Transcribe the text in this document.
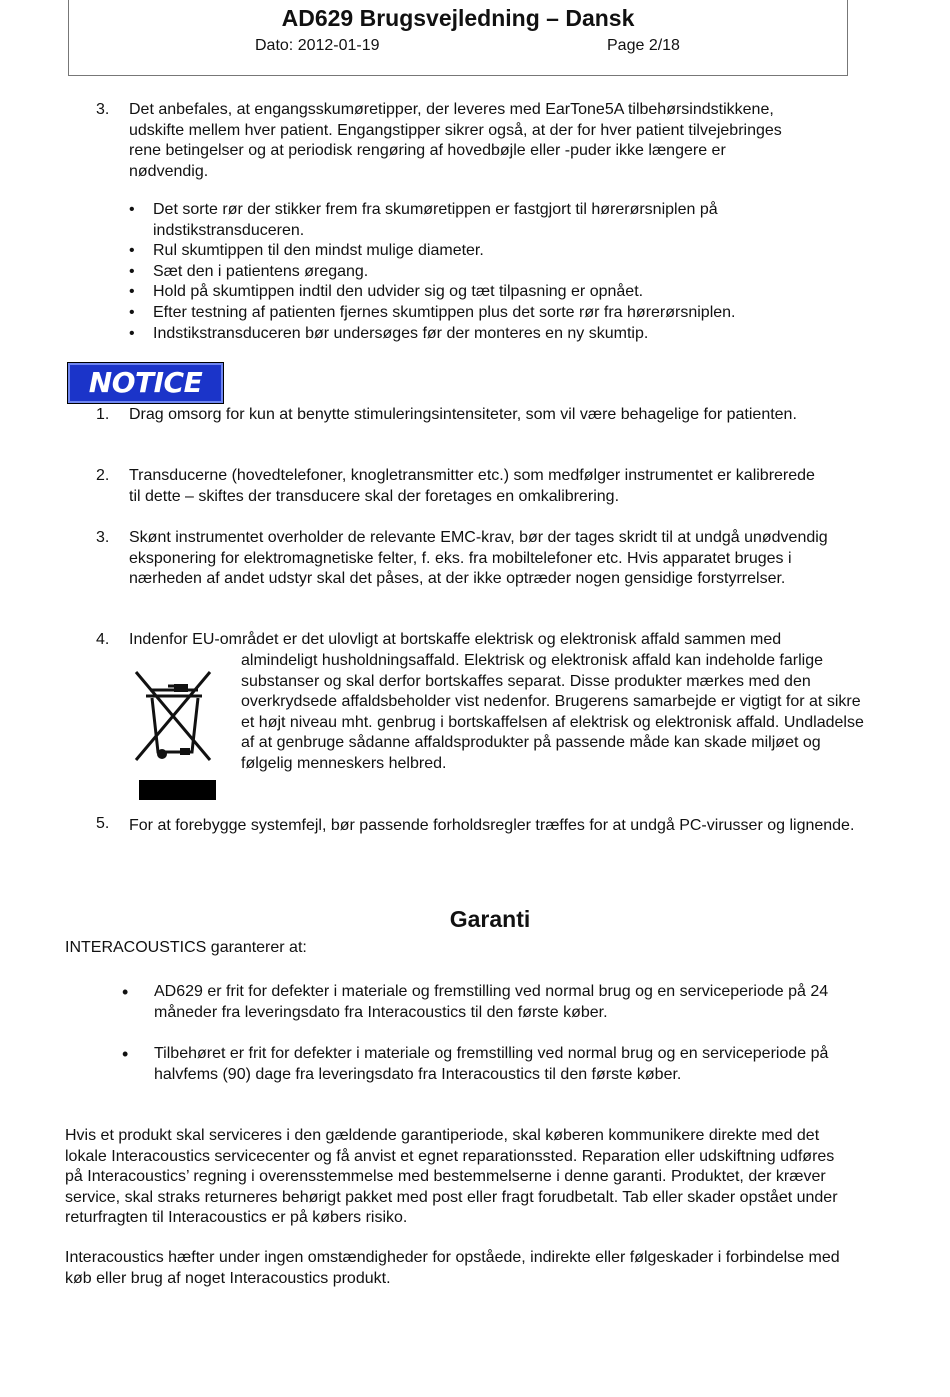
AD629 Brugsvejledning – Dansk
Dato: 2012-01-19	Page 2/18
3. Det anbefales, at engangsskumøretipper, der leveres med EarTone5A tilbehørsindstikkene,
udskifte mellem hver patient. Engangstipper sikrer også, at der for hver patient tilvejebringes
rene betingelser og at periodisk rengøring af hovedbøjle eller -puder ikke længere er
nødvendig.
• Det sorte rør der stikker frem fra skumøretippen er fastgjort til hørerørsniplen på indstikstransduceren.
• Rul skumtippen til den mindst mulige diameter.
• Sæt den i patientens øregang.
• Hold på skumtippen indtil den udvider sig og tæt tilpasning er opnået.
• Efter testning af patienten fjernes skumtippen plus det sorte rør fra hørerørsniplen.
• Indstikstransduceren bør undersøges før der monteres en ny skumtip.
NOTICE
1. Drag omsorg for kun at benytte stimuleringsintensiteter, som vil være behagelige for patienten.
2. Transducerne (hovedtelefoner, knogletransmitter etc.) som medfølger instrumentet er kalibrerede til dette – skiftes der transducere skal der foretages en omkalibrering.
3. Skønt instrumentet overholder de relevante EMC-krav, bør der tages skridt til at undgå unødvendig eksponering for elektromagnetiske felter, f. eks. fra mobiltelefoner etc. Hvis apparatet bruges i nærheden af andet udstyr skal det påses, at der ikke optræder nogen gensidige forstyrrelser.
4. Indenfor EU-området er det ulovligt at bortskaffe elektrisk og elektronisk affald sammen med
almindeligt husholdningsaffald. Elektrisk og elektronisk affald kan indeholde farlige substanser og skal derfor bortskaffes separat. Disse produkter mærkes med den overkrydsede affaldsbeholder vist nedenfor. Brugerens samarbejde er vigtigt for at sikre et højt niveau mht. genbrug i bortskaffelsen af elektrisk og elektronisk affald. Undladelse af at genbruge sådanne affaldsprodukter på passende måde kan skade miljøet og følgelig menneskers helbred.
5. For at forebygge systemfejl, bør passende forholdsregler træffes for at undgå PC-virusser og lignende.
Garanti
INTERACOUSTICS garanterer at:
• AD629 er frit for defekter i materiale og fremstilling ved normal brug og en serviceperiode på 24 måneder fra leveringsdato fra Interacoustics til den første køber.
• Tilbehøret er frit for defekter i materiale og fremstilling ved normal brug og en serviceperiode på halvfems (90) dage fra leveringsdato fra Interacoustics til den første køber.
Hvis et produkt skal serviceres i den gældende garantiperiode, skal køberen kommunikere direkte med det lokale Interacoustics servicecenter og få anvist et egnet reparationssted. Reparation eller udskiftning udføres på Interacoustics’ regning i overensstemmelse med bestemmelserne i denne garanti. Produktet, der kræver service, skal straks returneres behørigt pakket med post eller fragt forudbetalt. Tab eller skader opstået under returfragten til Interacoustics er på købers risiko.
Interacoustics hæfter under ingen omstændigheder for opståede, indirekte eller følgeskader i forbindelse med køb eller brug af noget Interacoustics produkt.
